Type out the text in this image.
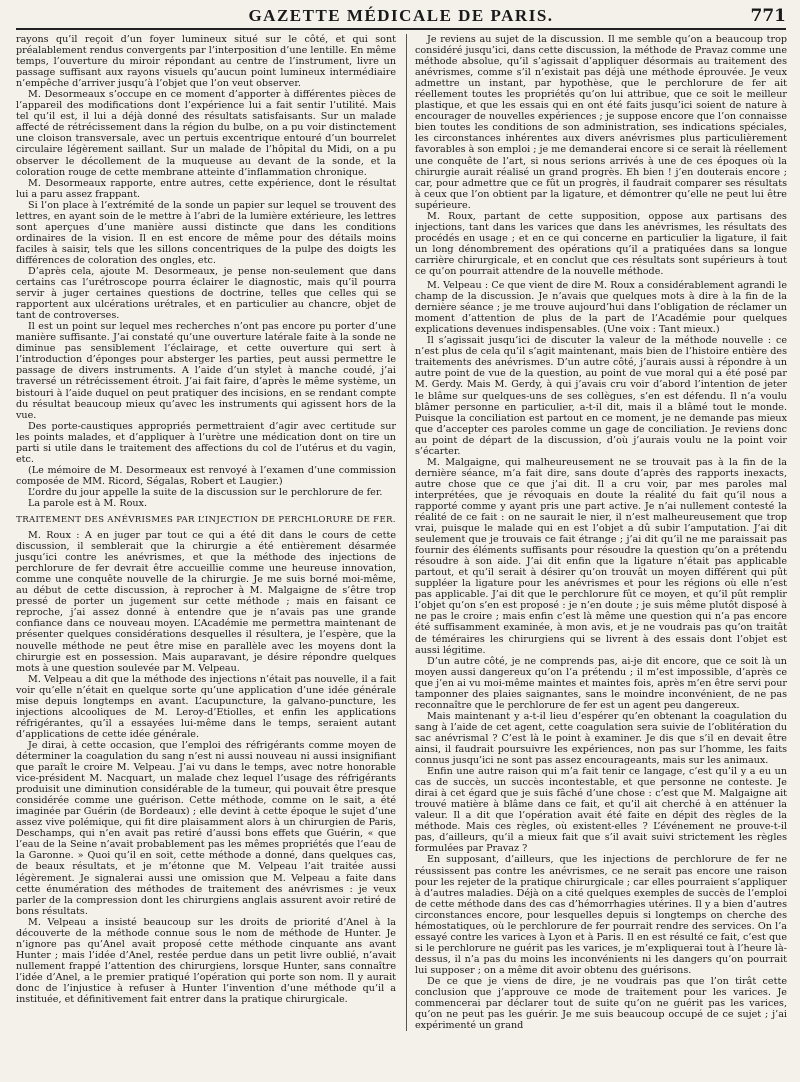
GAZETTE MÉDICALE DE PARIS.	771

rayons qu’il reçoit d’un foyer lumineux situé sur le côté, et qui sont préalablement rendus convergents par l’interposition d’une lentille. En même temps, l’ouverture du miroir répondant au centre de l’instrument, livre un passage suffisant aux rayons visuels qu’aucun point lumineux intermédiaire n’empêche d’arriver jusqu’à l’objet que l’on veut observer.

M. Desormeaux s’occupe en ce moment d’apporter à différentes pièces de l’appareil des modifications dont l’expérience lui a fait sentir l’utilité. Mais tel qu’il est, il lui a déjà donné des résultats satisfaisants. Sur un malade affecté de rétrécissement dans la région du bulbe, on a pu voir distinctement une cloison transversale, avec un pertuis excentrique entouré d’un bourrelet circulaire légèrement saillant. Sur un malade de l’hôpital du Midi, on a pu observer le décollement de la muqueuse au devant de la sonde, et la coloration rouge de cette membrane atteinte d’inflammation chronique.

M. Desormeaux rapporte, entre autres, cette expérience, dont le résultat lui a paru assez frappant.

Si l’on place à l’extrémité de la sonde un papier sur lequel se trouvent des lettres, en ayant soin de le mettre à l’abri de la lumière extérieure, les lettres sont aperçues d’une manière aussi distincte que dans les conditions ordinaires de la vision. Il en est encore de même pour des détails moins faciles à saisir, tels que les sillons concentriques de la pulpe des doigts les différences de coloration des ongles, etc.

D’après cela, ajoute M. Desormeaux, je pense non-seulement que dans certains cas l’urétroscope pourra éclairer le diagnostic, mais qu’il pourra servir à juger certaines questions de doctrine, telles que celles qui se rapportent aux ulcérations urétrales, et en particulier au chancre, objet de tant de controverses.

Il est un point sur lequel mes recherches n’ont pas encore pu porter d’une manière suffisante. J’ai constaté qu’une ouverture latérale faite à la sonde ne diminue pas sensiblement l’éclairage, et cette ouverture qui sert à l’introduction d’éponges pour absterger les parties, peut aussi permettre le passage de divers instruments. A l’aide d’un stylet à manche coudé, j’ai traversé un rétrécissement étroit. J’ai fait faire, d’après le même système, un bistouri à l’aide duquel on peut pratiquer des incisions, en se rendant compte du résultat beaucoup mieux qu’avec les instruments qui agissent hors de la vue.

Des porte-caustiques appropriés permettraient d’agir avec certitude sur les points malades, et d’appliquer à l’urètre une médication dont on tire un parti si utile dans le traitement des affections du col de l’utérus et du vagin, etc.

(Le mémoire de M. Desormeaux est renvoyé à l’examen d’une commission composée de MM. Ricord, Ségalas, Robert et Laugier.)

L’ordre du jour appelle la suite de la discussion sur le perchlorure de fer.

La parole est à M. Roux.

TRAITEMENT DES ANÉVRISMES PAR L’INJECTION DE PERCHLORURE DE FER.

M. Roux : A en juger par tout ce qui a été dit dans le cours de cette discussion, il semblerait que la chirurgie a été entièrement désarmée jusqu’ici contre les anévrismes, et que la méthode des injections de perchlorure de fer devrait être accueillie comme une heureuse innovation, comme une conquête nouvelle de la chirurgie. Je me suis borné moi-même, au début de cette discussion, à reprocher à M. Malgaigne de s’être trop pressé de porter un jugement sur cette méthode ; mais en faisant ce reproche, j’ai assez donné à entendre que je n’avais pas une grande confiance dans ce nouveau moyen. L’Académie me permettra maintenant de présenter quelques considérations desquelles il résultera, je l’espère, que la nouvelle méthode ne peut être mise en parallèle avec les moyens dont la chirurgie est en possession. Mais auparavant, je désire répondre quelques mots à une question soulevée par M. Velpeau.

M. Velpeau a dit que la méthode des injections n’était pas nouvelle, il a fait voir qu’elle n’était en quelque sorte qu’une application d’une idée générale mise depuis longtemps en avant. L’acupuncture, la galvano-puncture, les injections alcooliques de M. Leroy-d’Etiolles, et enfin les applications réfrigérantes, qu’il a essayées lui-même dans le temps, seraient autant d’applications de cette idée générale.

Je dirai, à cette occasion, que l’emploi des réfrigérants comme moyen de déterminer la coagulation du sang n’est ni aussi nouveau ni aussi insignifiant que paraît le croire M. Velpeau. J’ai vu dans le temps, avec notre honorable vice-président M. Nacquart, un malade chez lequel l’usage des réfrigérants produisit une diminution considérable de la tumeur, qui pouvait être presque considérée comme une guérison. Cette méthode, comme on le sait, a été imaginée par Guérin (de Bordeaux) ; elle devint à cette époque le sujet d’une assez vive polémique, qui fit dire plaisamment alors à un chirurgien de Paris, Deschamps, qui n’en avait pas retiré d’aussi bons effets que Guérin, « que l’eau de la Seine n’avait probablement pas les mêmes propriétés que l’eau de la Garonne. » Quoi qu’il en soit, cette méthode a donné, dans quelques cas, de beaux résultats, et je m’étonne que M. Velpeau l’ait traitée aussi légèrement. Je signalerai aussi une omission que M. Velpeau a faite dans cette énumération des méthodes de traitement des anévrismes : je veux parler de la compression dont les chirurgiens anglais assurent avoir retiré de bons résultats.

M. Velpeau a insisté beaucoup sur les droits de priorité d’Anel à la découverte de la méthode connue sous le nom de méthode de Hunter. Je n’ignore pas qu’Anel avait proposé cette méthode cinquante ans avant Hunter ; mais l’idée d’Anel, restée perdue dans un petit livre oublié, n’avait nullement frappé l’attention des chirurgiens, lorsque Hunter, sans connaître l’idée d’Anel, a le premier pratiqué l’opération qui porte son nom. Il y aurait donc de l’injustice à refuser à Hunter l’invention d’une méthode qu’il a instituée, et définitivement fait entrer dans la pratique chirurgicale.

Je reviens au sujet de la discussion. Il me semble qu’on a beaucoup trop considéré jusqu’ici, dans cette discussion, la méthode de Pravaz comme une méthode absolue, qu’il s’agissait d’appliquer désormais au traitement des anévrismes, comme s’il n’existait pas déjà une méthode éprouvée. Je veux admettre un instant, par hypothèse, que le perchlorure de fer ait réellement toutes les propriétés qu’on lui attribue, que ce soit le meilleur plastique, et que les essais qui en ont été faits jusqu’ici soient de nature à encourager de nouvelles expériences ; je suppose encore que l’on connaisse bien toutes les conditions de son administration, ses indications spéciales, les circonstances inhérentes aux divers anévrismes plus particulièrement favorables à son emploi ; je me demanderai encore si ce serait là réellement une conquête de l’art, si nous serions arrivés à une de ces époques où la chirurgie aurait réalisé un grand progrès. Eh bien ! j’en douterais encore ; car, pour admettre que ce fût un progrès, il faudrait comparer ses résultats à ceux que l’on obtient par la ligature, et démontrer qu’elle ne peut lui être supérieure.

M. Roux, partant de cette supposition, oppose aux partisans des injections, tant dans les varices que dans les anévrismes, les résultats des procédés en usage ; et en ce qui concerne en particulier la ligature, il fait un long dénombrement des opérations qu’il a pratiquées dans sa longue carrière chirurgicale, et en conclut que ces résultats sont supérieurs à tout ce qu’on pourrait attendre de la nouvelle méthode.

M. Velpeau : Ce que vient de dire M. Roux a considérablement agrandi le champ de la discussion. Je n’avais que quelques mots à dire à la fin de la dernière séance ; je me trouve aujourd’hui dans l’obligation de réclamer un moment d’attention de plus de la part de l’Académie pour quelques explications devenues indispensables. (Une voix : Tant mieux.)

Il s’agissait jusqu’ici de discuter la valeur de la méthode nouvelle : ce n’est plus de cela qu’il s’agit maintenant, mais bien de l’histoire entière des traitements des anévrismes. D’un autre côté, j’aurais aussi à répondre à un autre point de vue de la question, au point de vue moral qui a été posé par M. Gerdy. Mais M. Gerdy, à qui j’avais cru voir d’abord l’intention de jeter le blâme sur quelques-uns de ses collègues, s’en est défendu. Il n’a voulu blâmer personne en particulier, a-t-il dit, mais il a blâmé tout le monde. Puisque la conciliation est partout en ce moment, je ne demande pas mieux que d’accepter ces paroles comme un gage de conciliation. Je reviens donc au point de départ de la discussion, d’où j’aurais voulu ne la point voir s’écarter.

M. Malgaigne, qui malheureusement ne se trouvait pas à la fin de la dernière séance, m’a fait dire, sans doute d’après des rapports inexacts, autre chose que ce que j’ai dit. Il a cru voir, par mes paroles mal interprétées, que je révoquais en doute la réalité du fait qu’il nous a rapporté comme y ayant pris une part active. Je n’ai nullement contesté la réalité de ce fait : on ne saurait le nier, il n’est malheureusement que trop vrai, puisque le malade qui en est l’objet a dû subir l’amputation. J’ai dit seulement que je trouvais ce fait étrange ; j’ai dit qu’il ne me paraissait pas fournir des éléments suffisants pour résoudre la question qu’on a prétendu résoudre à son aide. J’ai dit enfin que la ligature n’était pas applicable partout, et qu’il serait à désirer qu’on trouvât un moyen différent qui pût suppléer la ligature pour les anévrismes et pour les régions où elle n’est pas applicable. J’ai dit que le perchlorure fût ce moyen, et qu’il pût remplir l’objet qu’on s’en est proposé : je n’en doute ; je suis même plutôt disposé à ne pas le croire ; mais enfin c’est là même une question qui n’a pas encore été suffisamment examinée, à mon avis, et je ne voudrais pas qu’on traitât de téméraires les chirurgiens qui se livrent à des essais dont l’objet est aussi légitime.

D’un autre côté, je ne comprends pas, ai-je dit encore, que ce soit là un moyen aussi dangereux qu’on l’a prétendu ; il m’est impossible, d’après ce que j’en ai vu moi-même maintes et maintes fois, après m’en être servi pour tamponner des plaies saignantes, sans le moindre inconvénient, de ne pas reconnaître que le perchlorure de fer est un agent peu dangereux.

Mais maintenant y a-t-il lieu d’espérer qu’en obtenant la coagulation du sang à l’aide de cet agent, cette coagulation sera suivie de l’oblitération du sac anévrismal ? C’est là le point à examiner. Je dis que s’il en devait être ainsi, il faudrait poursuivre les expériences, non pas sur l’homme, les faits connus jusqu’ici ne sont pas assez encourageants, mais sur les animaux.

Enfin une autre raison qui m’a fait tenir ce langage, c’est qu’il y a eu un cas de succès, un succès incontestable, et que personne ne conteste. Je dirai à cet égard que je suis fâché d’une chose : c’est que M. Malgaigne ait trouvé matière à blâme dans ce fait, et qu’il ait cherché à en atténuer la valeur. Il a dit que l’opération avait été faite en dépit des règles de la méthode. Mais ces règles, où existent-elles ? L’événement ne prouve-t-il pas, d’ailleurs, qu’il a mieux fait que s’il avait suivi strictement les règles formulées par Pravaz ?

En supposant, d’ailleurs, que les injections de perchlorure de fer ne réussissent pas contre les anévrismes, ce ne serait pas encore une raison pour les rejeter de la pratique chirurgicale ; car elles pourraient s’appliquer à d’autres maladies. Déjà on a cité quelques exemples de succès de l’emploi de cette méthode dans des cas d’hémorrhagies utérines. Il y a bien d’autres circonstances encore, pour lesquelles depuis si longtemps on cherche des hémostatiques, où le perchlorure de fer pourrait rendre des services. On l’a essayé contre les varices à Lyon et à Paris. Il en est résulté ce fait, c’est que si le perchlorure ne guérit pas les varices, je m’expliquerai tout à l’heure là-dessus, il n’a pas du moins les inconvénients ni les dangers qu’on pourrait lui supposer ; on a même dit avoir obtenu des guérisons.

De ce que je viens de dire, je ne voudrais pas que l’on tirât cette conclusion que j’approuve ce mode de traitement pour les varices. Je commencerai par déclarer tout de suite qu’on ne guérit pas les varices, qu’on ne peut pas les guérir. Je me suis beaucoup occupé de ce sujet ; j’ai expérimenté un grand
